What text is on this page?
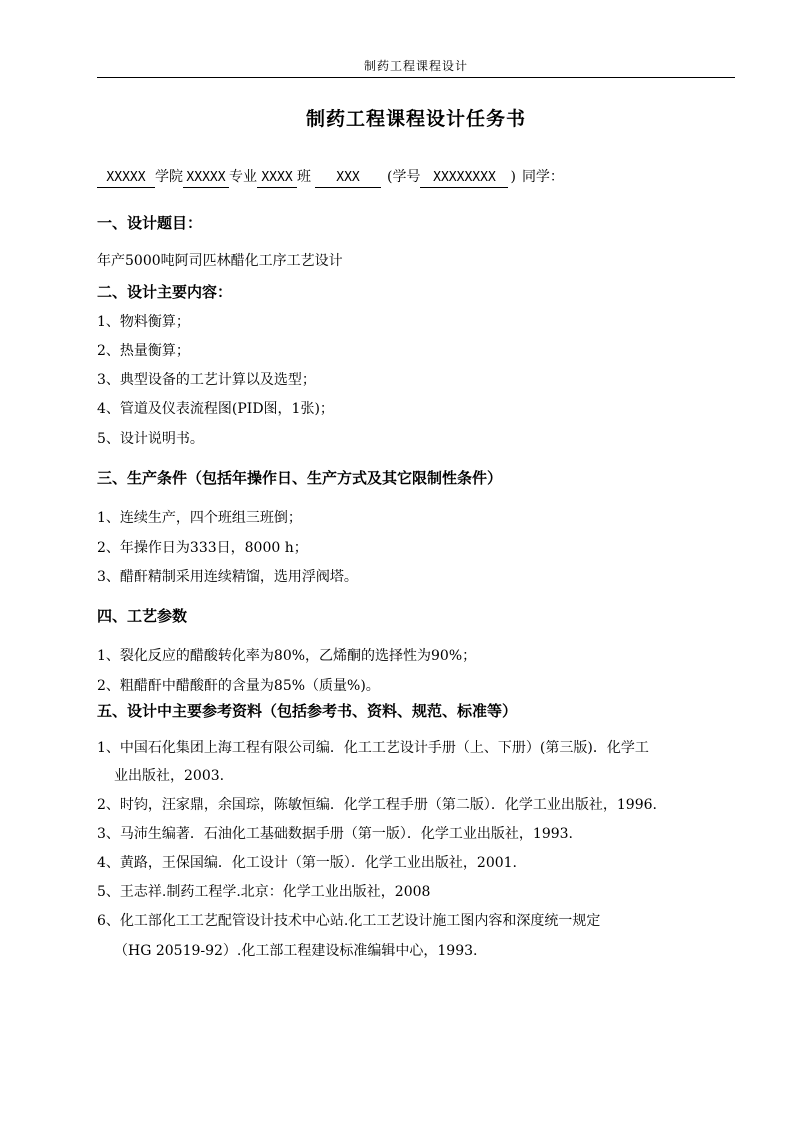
制药工程课程设计
制药工程课程设计任务书
XXXXX 学院 XXXXX 专业 XXXX 班 XXX (学号 XXXXXXXX ) 同学：
一、设计题目：
年产5000吨阿司匹林醋化工序工艺设计
二、设计主要内容：
1、物料衡算；
2、热量衡算；
3、典型设备的工艺计算以及选型；
4、管道及仪表流程图(PID图，1张)；
5、设计说明书。
三、生产条件（包括年操作日、生产方式及其它限制性条件）
1、连续生产，四个班组三班倒；
2、年操作日为333日，8000 h；
3、醋酐精制采用连续精馏，选用浮阀塔。
四、工艺参数
1、裂化反应的醋酸转化率为80%，乙烯酮的选择性为90%；
2、粗醋酐中醋酸酐的含量为85%（质量%)。
五、设计中主要参考资料（包括参考书、资料、规范、标准等）
1、中国石化集团上海工程有限公司编．化工工艺设计手册（上、下册）(第三版)．化学工
业出版社，2003.
2、时钧，汪家鼎，余国琮，陈敏恒编．化学工程手册（第二版）．化学工业出版社，1996.
3、马沛生编著．石油化工基础数据手册（第一版）．化学工业出版社，1993.
4、黄路，王保国编．化工设计（第一版）．化学工业出版社，2001.
5、王志祥.制药工程学.北京：化学工业出版社，2008
6、化工部化工工艺配管设计技术中心站.化工工艺设计施工图内容和深度统一规定
（HG 20519-92）.化工部工程建设标准编辑中心，1993.
